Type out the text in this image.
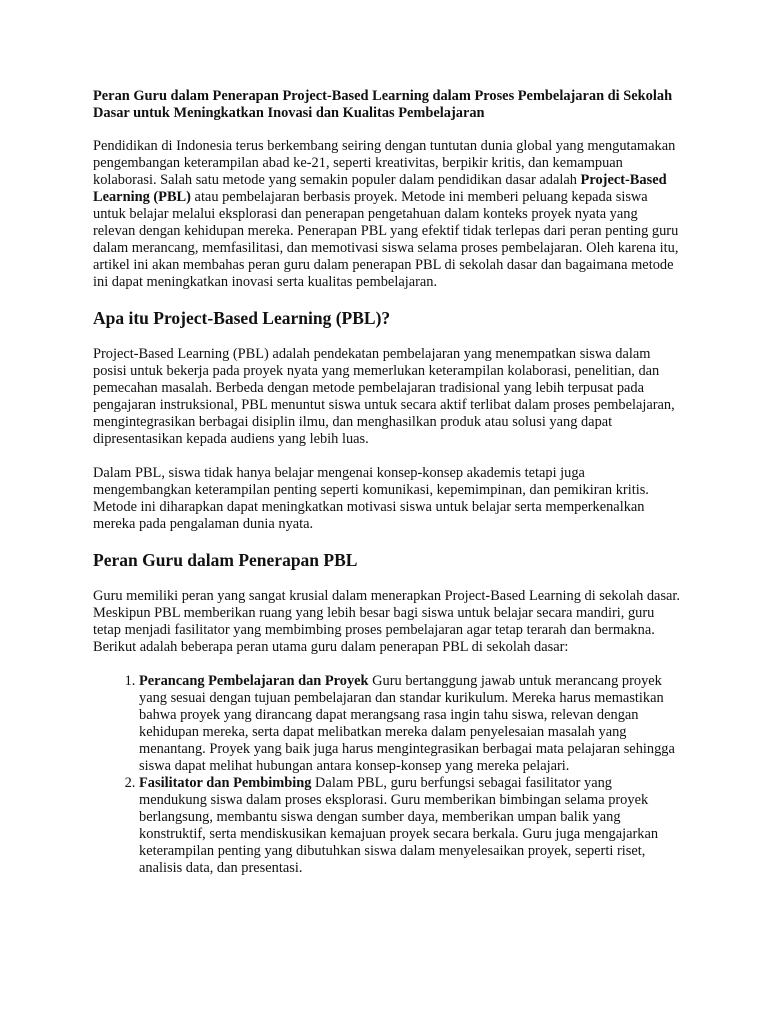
Peran Guru dalam Penerapan Project-Based Learning dalam Proses Pembelajaran di Sekolah Dasar untuk Meningkatkan Inovasi dan Kualitas Pembelajaran

Pendidikan di Indonesia terus berkembang seiring dengan tuntutan dunia global yang mengutamakan pengembangan keterampilan abad ke-21, seperti kreativitas, berpikir kritis, dan kemampuan kolaborasi. Salah satu metode yang semakin populer dalam pendidikan dasar adalah Project-Based Learning (PBL) atau pembelajaran berbasis proyek. Metode ini memberi peluang kepada siswa untuk belajar melalui eksplorasi dan penerapan pengetahuan dalam konteks proyek nyata yang relevan dengan kehidupan mereka. Penerapan PBL yang efektif tidak terlepas dari peran penting guru dalam merancang, memfasilitasi, dan memotivasi siswa selama proses pembelajaran. Oleh karena itu, artikel ini akan membahas peran guru dalam penerapan PBL di sekolah dasar dan bagaimana metode ini dapat meningkatkan inovasi serta kualitas pembelajaran.

Apa itu Project-Based Learning (PBL)?

Project-Based Learning (PBL) adalah pendekatan pembelajaran yang menempatkan siswa dalam posisi untuk bekerja pada proyek nyata yang memerlukan keterampilan kolaborasi, penelitian, dan pemecahan masalah. Berbeda dengan metode pembelajaran tradisional yang lebih terpusat pada pengajaran instruksional, PBL menuntut siswa untuk secara aktif terlibat dalam proses pembelajaran, mengintegrasikan berbagai disiplin ilmu, dan menghasilkan produk atau solusi yang dapat dipresentasikan kepada audiens yang lebih luas.

Dalam PBL, siswa tidak hanya belajar mengenai konsep-konsep akademis tetapi juga mengembangkan keterampilan penting seperti komunikasi, kepemimpinan, dan pemikiran kritis. Metode ini diharapkan dapat meningkatkan motivasi siswa untuk belajar serta memperkenalkan mereka pada pengalaman dunia nyata.

Peran Guru dalam Penerapan PBL

Guru memiliki peran yang sangat krusial dalam menerapkan Project-Based Learning di sekolah dasar. Meskipun PBL memberikan ruang yang lebih besar bagi siswa untuk belajar secara mandiri, guru tetap menjadi fasilitator yang membimbing proses pembelajaran agar tetap terarah dan bermakna. Berikut adalah beberapa peran utama guru dalam penerapan PBL di sekolah dasar:

1. Perancang Pembelajaran dan Proyek Guru bertanggung jawab untuk merancang proyek yang sesuai dengan tujuan pembelajaran dan standar kurikulum. Mereka harus memastikan bahwa proyek yang dirancang dapat merangsang rasa ingin tahu siswa, relevan dengan kehidupan mereka, serta dapat melibatkan mereka dalam penyelesaian masalah yang menantang. Proyek yang baik juga harus mengintegrasikan berbagai mata pelajaran sehingga siswa dapat melihat hubungan antara konsep-konsep yang mereka pelajari.
2. Fasilitator dan Pembimbing Dalam PBL, guru berfungsi sebagai fasilitator yang mendukung siswa dalam proses eksplorasi. Guru memberikan bimbingan selama proyek berlangsung, membantu siswa dengan sumber daya, memberikan umpan balik yang konstruktif, serta mendiskusikan kemajuan proyek secara berkala. Guru juga mengajarkan keterampilan penting yang dibutuhkan siswa dalam menyelesaikan proyek, seperti riset, analisis data, dan presentasi.
